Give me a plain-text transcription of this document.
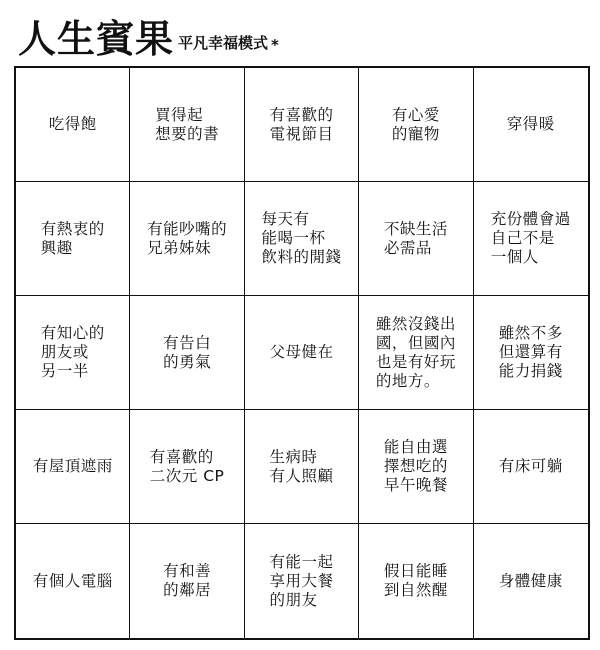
人生賓果 平凡幸福模式 *
吃得飽
買得起
想要的書
有喜歡的
電視節目
有心愛
的寵物
穿得暖
有熱衷的
興趣
有能吵嘴的
兄弟姊妹
每天有
能喝一杯
飲料的閒錢
不缺生活
必需品
充份體會過
自己不是
一個人
有知心的
朋友或
另一半
有告白
的勇氣
父母健在
雖然沒錢出
國，但國內
也是有好玩
的地方。
雖然不多
但還算有
能力捐錢
有屋頂遮雨
有喜歡的
二次元 CP
生病時
有人照顧
能自由選
擇想吃的
早午晚餐
有床可躺
有個人電腦
有和善
的鄰居
有能一起
享用大餐
的朋友
假日能睡
到自然醒
身體健康
